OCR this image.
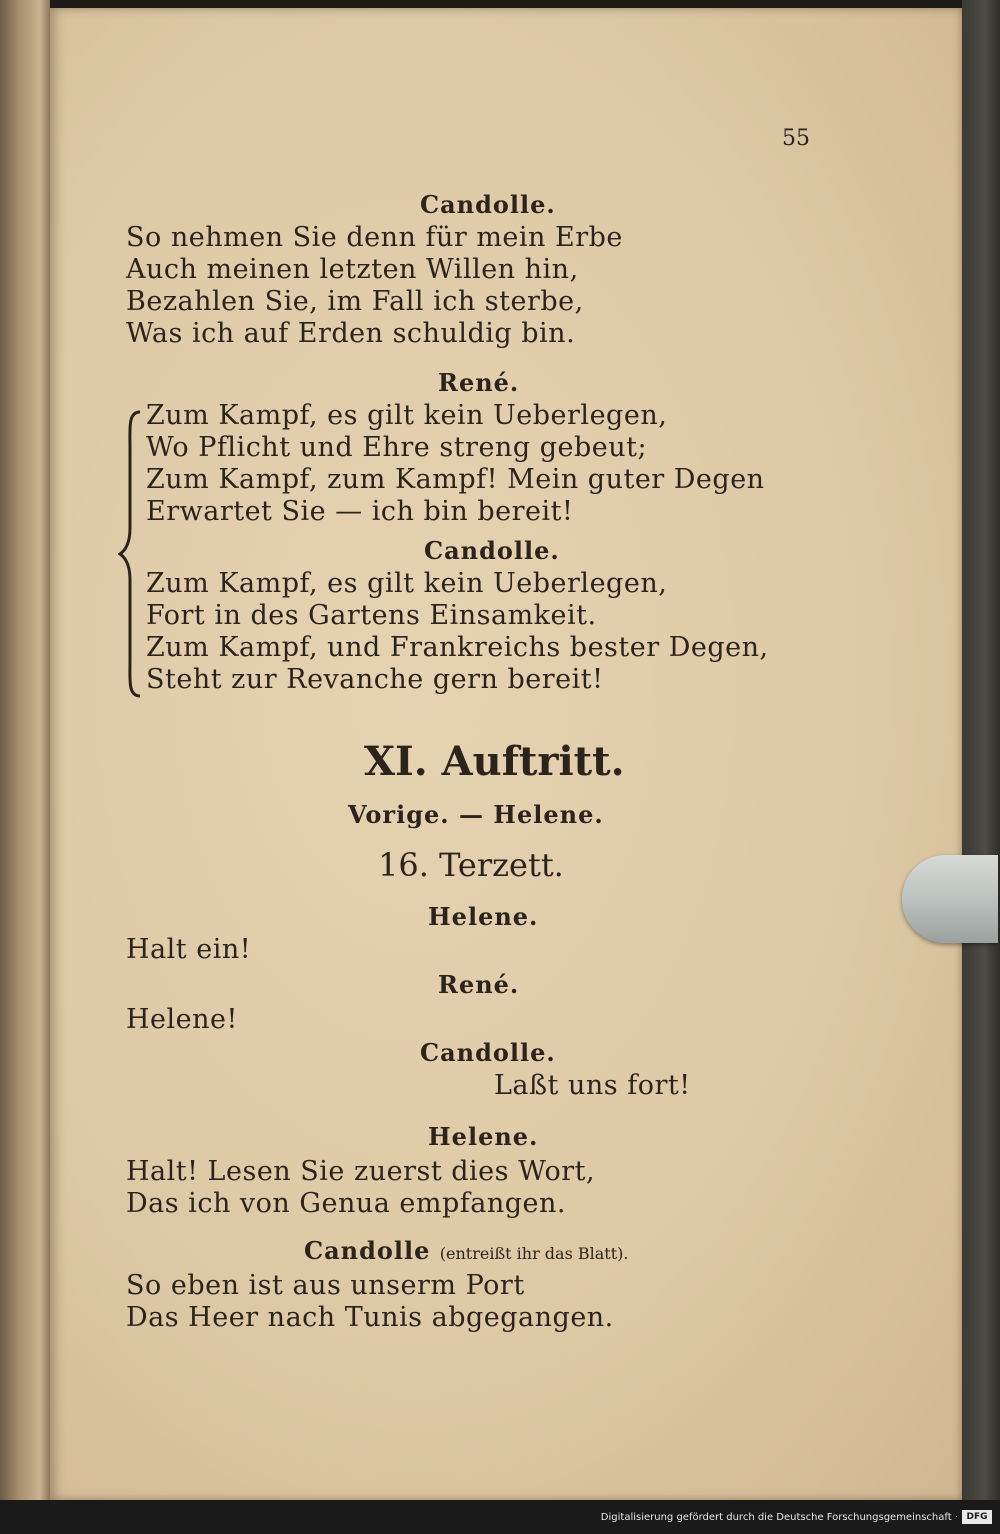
55
Candolle.
So nehmen Sie denn für mein Erbe
Auch meinen letzten Willen hin,
Bezahlen Sie, im Fall ich sterbe,
Was ich auf Erden schuldig bin.
René.
Zum Kampf, es gilt kein Ueberlegen,
Wo Pflicht und Ehre streng gebeut;
Zum Kampf, zum Kampf! Mein guter Degen
Erwartet Sie — ich bin bereit!
Candolle.
Zum Kampf, es gilt kein Ueberlegen,
Fort in des Gartens Einsamkeit.
Zum Kampf, und Frankreichs bester Degen,
Steht zur Revanche gern bereit!
XI. Auftritt.
Vorige. — Helene.
16. Terzett.
Helene.
Halt ein!
René.
Helene!
Candolle.
Laßt uns fort!
Helene.
Halt! Lesen Sie zuerst dies Wort,
Das ich von Genua empfangen.
Candolle (entreißt ihr das Blatt).
So eben ist aus unserm Port
Das Heer nach Tunis abgegangen.
Digitalisierung gefördert durch die Deutsche Forschungsgemeinschaft · DFG
